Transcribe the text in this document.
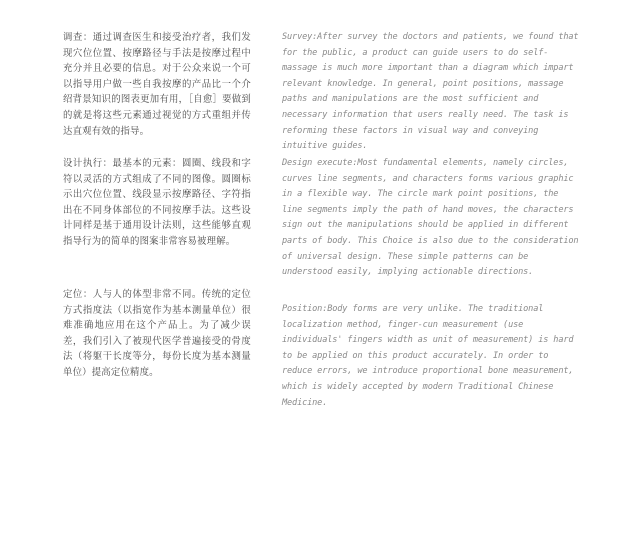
调查：通过调查医生和接受治疗者，我们发现穴位位置、按摩路径与手法是按摩过程中充分并且必要的信息。对于公众来说一个可以指导用户做一些自我按摩的产品比一个介绍背景知识的图表更加有用，［自愈］要做到的就是将这些元素通过视觉的方式重组并传达直观有效的指导。

设计执行：最基本的元素：圆圈、线段和字符以灵活的方式组成了不同的图像。圆圈标示出穴位位置、线段显示按摩路径、字符指出在不同身体部位的不同按摩手法。这些设计同样是基于通用设计法则，这些能够直观指导行为的简单的图案非常容易被理解。

定位：人与人的体型非常不同。传统的定位方式指度法（以指宽作为基本测量单位）很难准确地应用在这个产品上。为了减少误差，我们引入了被现代医学普遍接受的骨度法（将躯干长度等分，每份长度为基本测量单位）提高定位精度。

Survey:After survey the doctors and patients, we found that for the public, a product can guide users to do self-massage is much more important than a diagram which impart relevant knowledge. In general, point positions, massage paths and manipulations are the most sufficient and necessary information that users really need. The task is reforming these factors in visual way and conveying intuitive guides.

Design execute:Most fundamental elements, namely circles, curves line segments, and characters forms various graphic in a flexible way. The circle mark point positions, the line segments imply the path of hand moves, the characters sign out the manipulations should be applied in different parts of body. This Choice is also due to the consideration of universal design. These simple patterns can be understood easily, implying actionable directions.

Position:Body forms are very unlike. The traditional localization method, finger-cun measurement (use individuals' fingers width as unit of measurement) is hard to be applied on this product accurately. In order to reduce errors, we introduce proportional bone measurement, which is widely accepted by modern Traditional Chinese Medicine.
